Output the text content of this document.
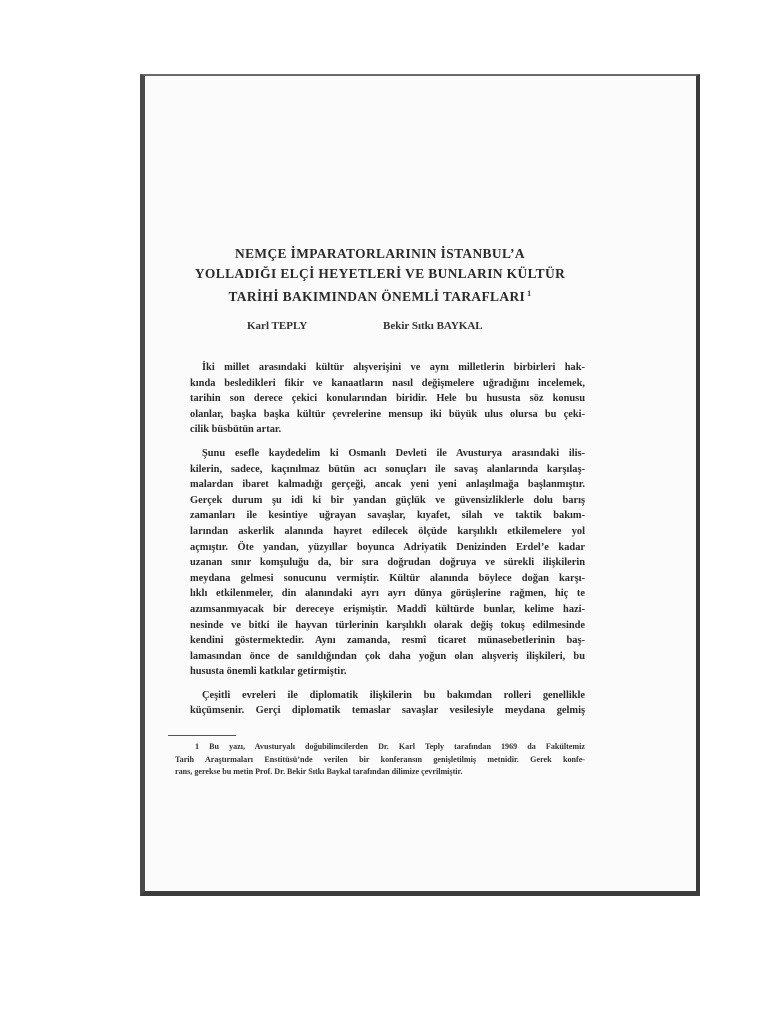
NEMÇE İMPARATORLARININ İSTANBUL’A
YOLLADIĞI ELÇİ HEYETLERİ VE BUNLARIN KÜLTÜR
TARİHİ BAKIMINDAN ÖNEMLİ TARAFLARI $^1$
Karl TEPLY	Bekir Sıtkı BAYKAL
İki millet arasındaki kültür alışverişini ve aynı milletlerin birbirleri hak-
kında besledikleri fikir ve kanaatların nasıl değişmelere uğradığını incelemek,
tarihin son derece çekici konularından biridir. Hele bu hususta söz konusu
olanlar, başka başka kültür çevrelerine mensup iki büyük ulus olursa bu çeki-
cilik büsbütün artar.
Şunu esefle kaydedelim ki Osmanlı Devleti ile Avusturya arasındaki ilis-
kilerin, sadece, kaçınılmaz bütün acı sonuçları ile savaş alanlarında karşılaş-
malardan ibaret kalmadığı gerçeği, ancak yeni yeni anlaşılmağa başlanmıştır.
Gerçek durum şu idi ki bir yandan güçlük ve güvensizliklerle dolu barış
zamanları ile kesintiye uğrayan savaşlar, kıyafet, silah ve taktik bakım-
larından askerlik alanında hayret edilecek ölçüde karşılıklı etkilemelere yol
açmıştır. Öte yandan, yüzyıllar boyunca Adriyatik Denizinden Erdel’e kadar
uzanan sınır komşuluğu da, bir sıra doğrudan doğruya ve sürekli ilişkilerin
meydana gelmesi sonucunu vermiştir. Kültür alanında böylece doğan karşı-
lıklı etkilenmeler, din alanındaki ayrı ayrı dünya görüşlerine rağmen, hiç te
azımsanmıyacak bir dereceye erişmiştir. Maddî kültürde bunlar, kelime hazi-
nesinde ve bitki ile hayvan türlerinin karşılıklı olarak değiş tokuş edilmesinde
kendini göstermektedir. Aynı zamanda, resmî ticaret münasebetlerinin baş-
lamasından önce de sanıldığından çok daha yoğun olan alışveriş ilişkileri, bu
hususta önemli katkılar getirmiştir.
Çeşitli evreleri ile diplomatik ilişkilerin bu bakımdan rolleri genellikle
küçümsenir. Gerçi diplomatik temaslar savaşlar vesilesiyle meydana gelmiş
1 Bu yazı, Avusturyalı doğubilimcilerden Dr. Karl Teply tarafından 1969 da Fakültemiz
Tarih Araştırmaları Enstitüsü’nde verilen bir konferansın genişletilmiş metnidir. Gerek konfe-
rans, gerekse bu metin Prof. Dr. Bekir Sıtkı Baykal tarafından dilimize çevrilmiştir.
